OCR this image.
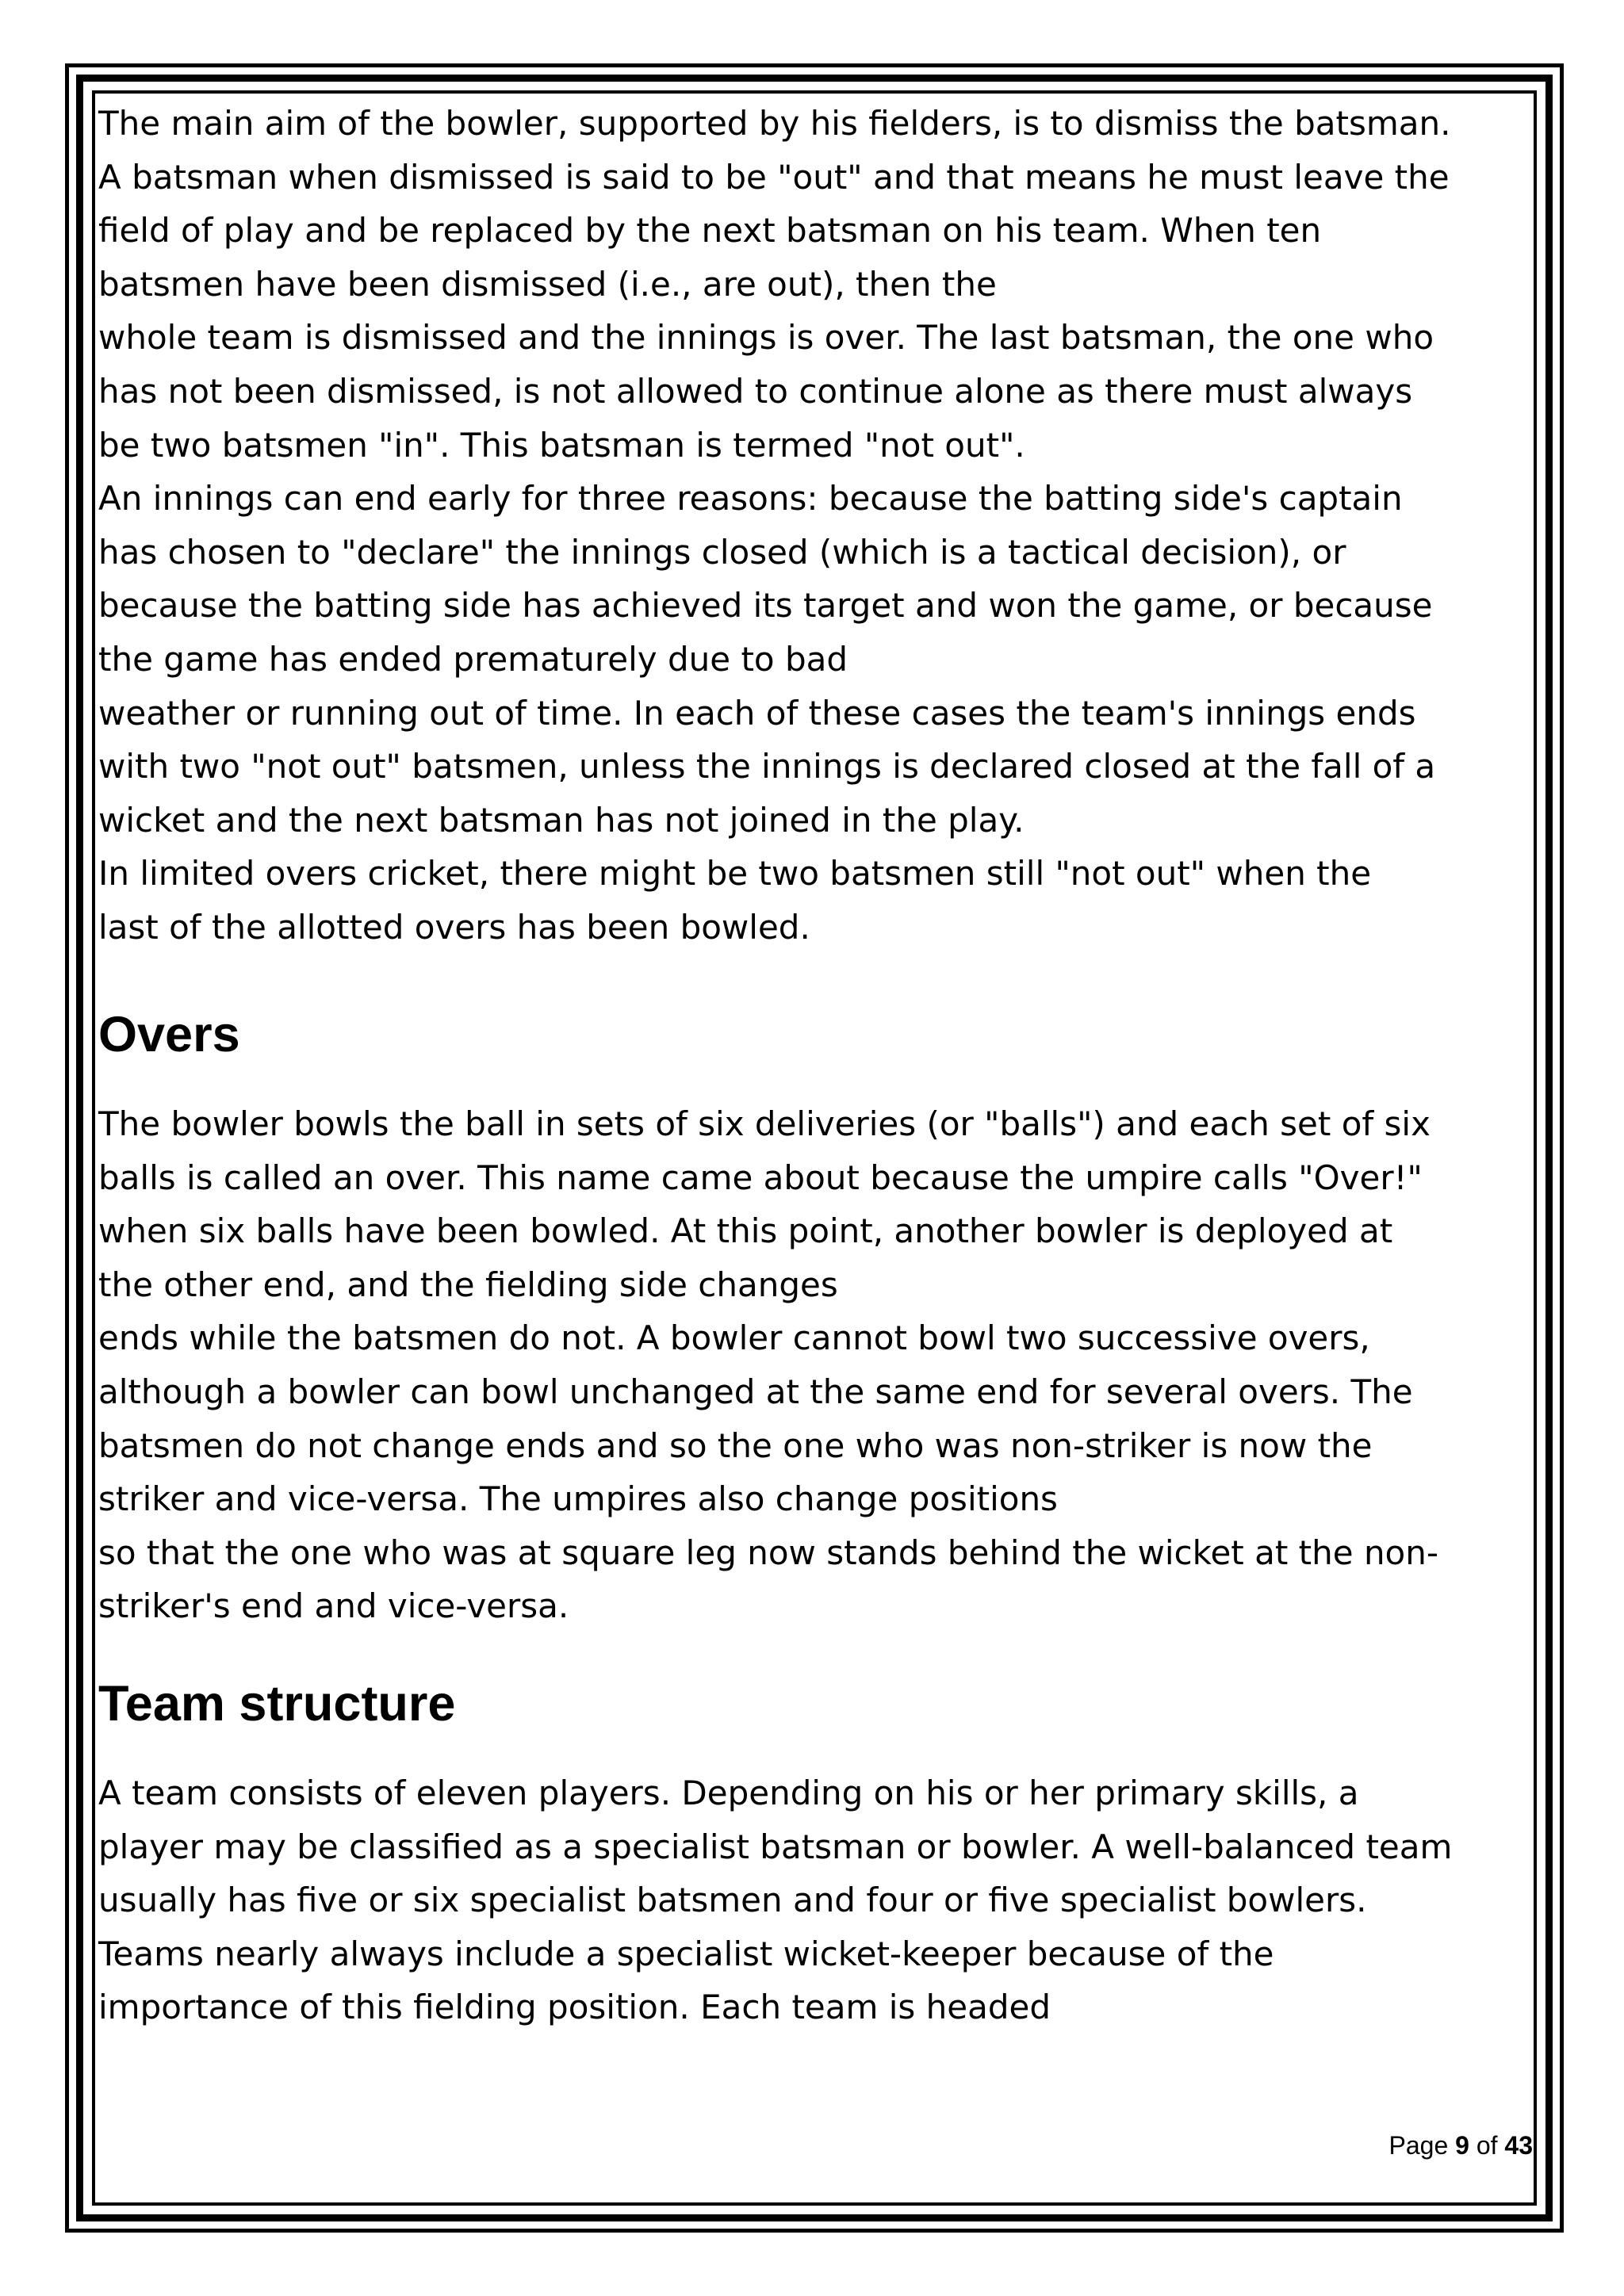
The main aim of the bowler, supported by his fielders, is to dismiss the batsman.
A batsman when dismissed is said to be "out" and that means he must leave the
field of play and be replaced by the next batsman on his team. When ten
batsmen have been dismissed (i.e., are out), then the
whole team is dismissed and the innings is over. The last batsman, the one who
has not been dismissed, is not allowed to continue alone as there must always
be two batsmen "in". This batsman is termed "not out".
An innings can end early for three reasons: because the batting side's captain
has chosen to "declare" the innings closed (which is a tactical decision), or
because the batting side has achieved its target and won the game, or because
the game has ended prematurely due to bad
weather or running out of time. In each of these cases the team's innings ends
with two "not out" batsmen, unless the innings is declared closed at the fall of a
wicket and the next batsman has not joined in the play.
In limited overs cricket, there might be two batsmen still "not out" when the
last of the allotted overs has been bowled.
Overs
The bowler bowls the ball in sets of six deliveries (or "balls") and each set of six
balls is called an over. This name came about because the umpire calls "Over!"
when six balls have been bowled. At this point, another bowler is deployed at
the other end, and the fielding side changes
ends while the batsmen do not. A bowler cannot bowl two successive overs,
although a bowler can bowl unchanged at the same end for several overs. The
batsmen do not change ends and so the one who was non-striker is now the
striker and vice-versa. The umpires also change positions
so that the one who was at square leg now stands behind the wicket at the non-
striker's end and vice-versa.
Team structure
A team consists of eleven players. Depending on his or her primary skills, a
player may be classified as a specialist batsman or bowler. A well-balanced team
usually has five or six specialist batsmen and four or five specialist bowlers.
Teams nearly always include a specialist wicket-keeper because of the
importance of this fielding position. Each team is headed
Page 9 of 43
